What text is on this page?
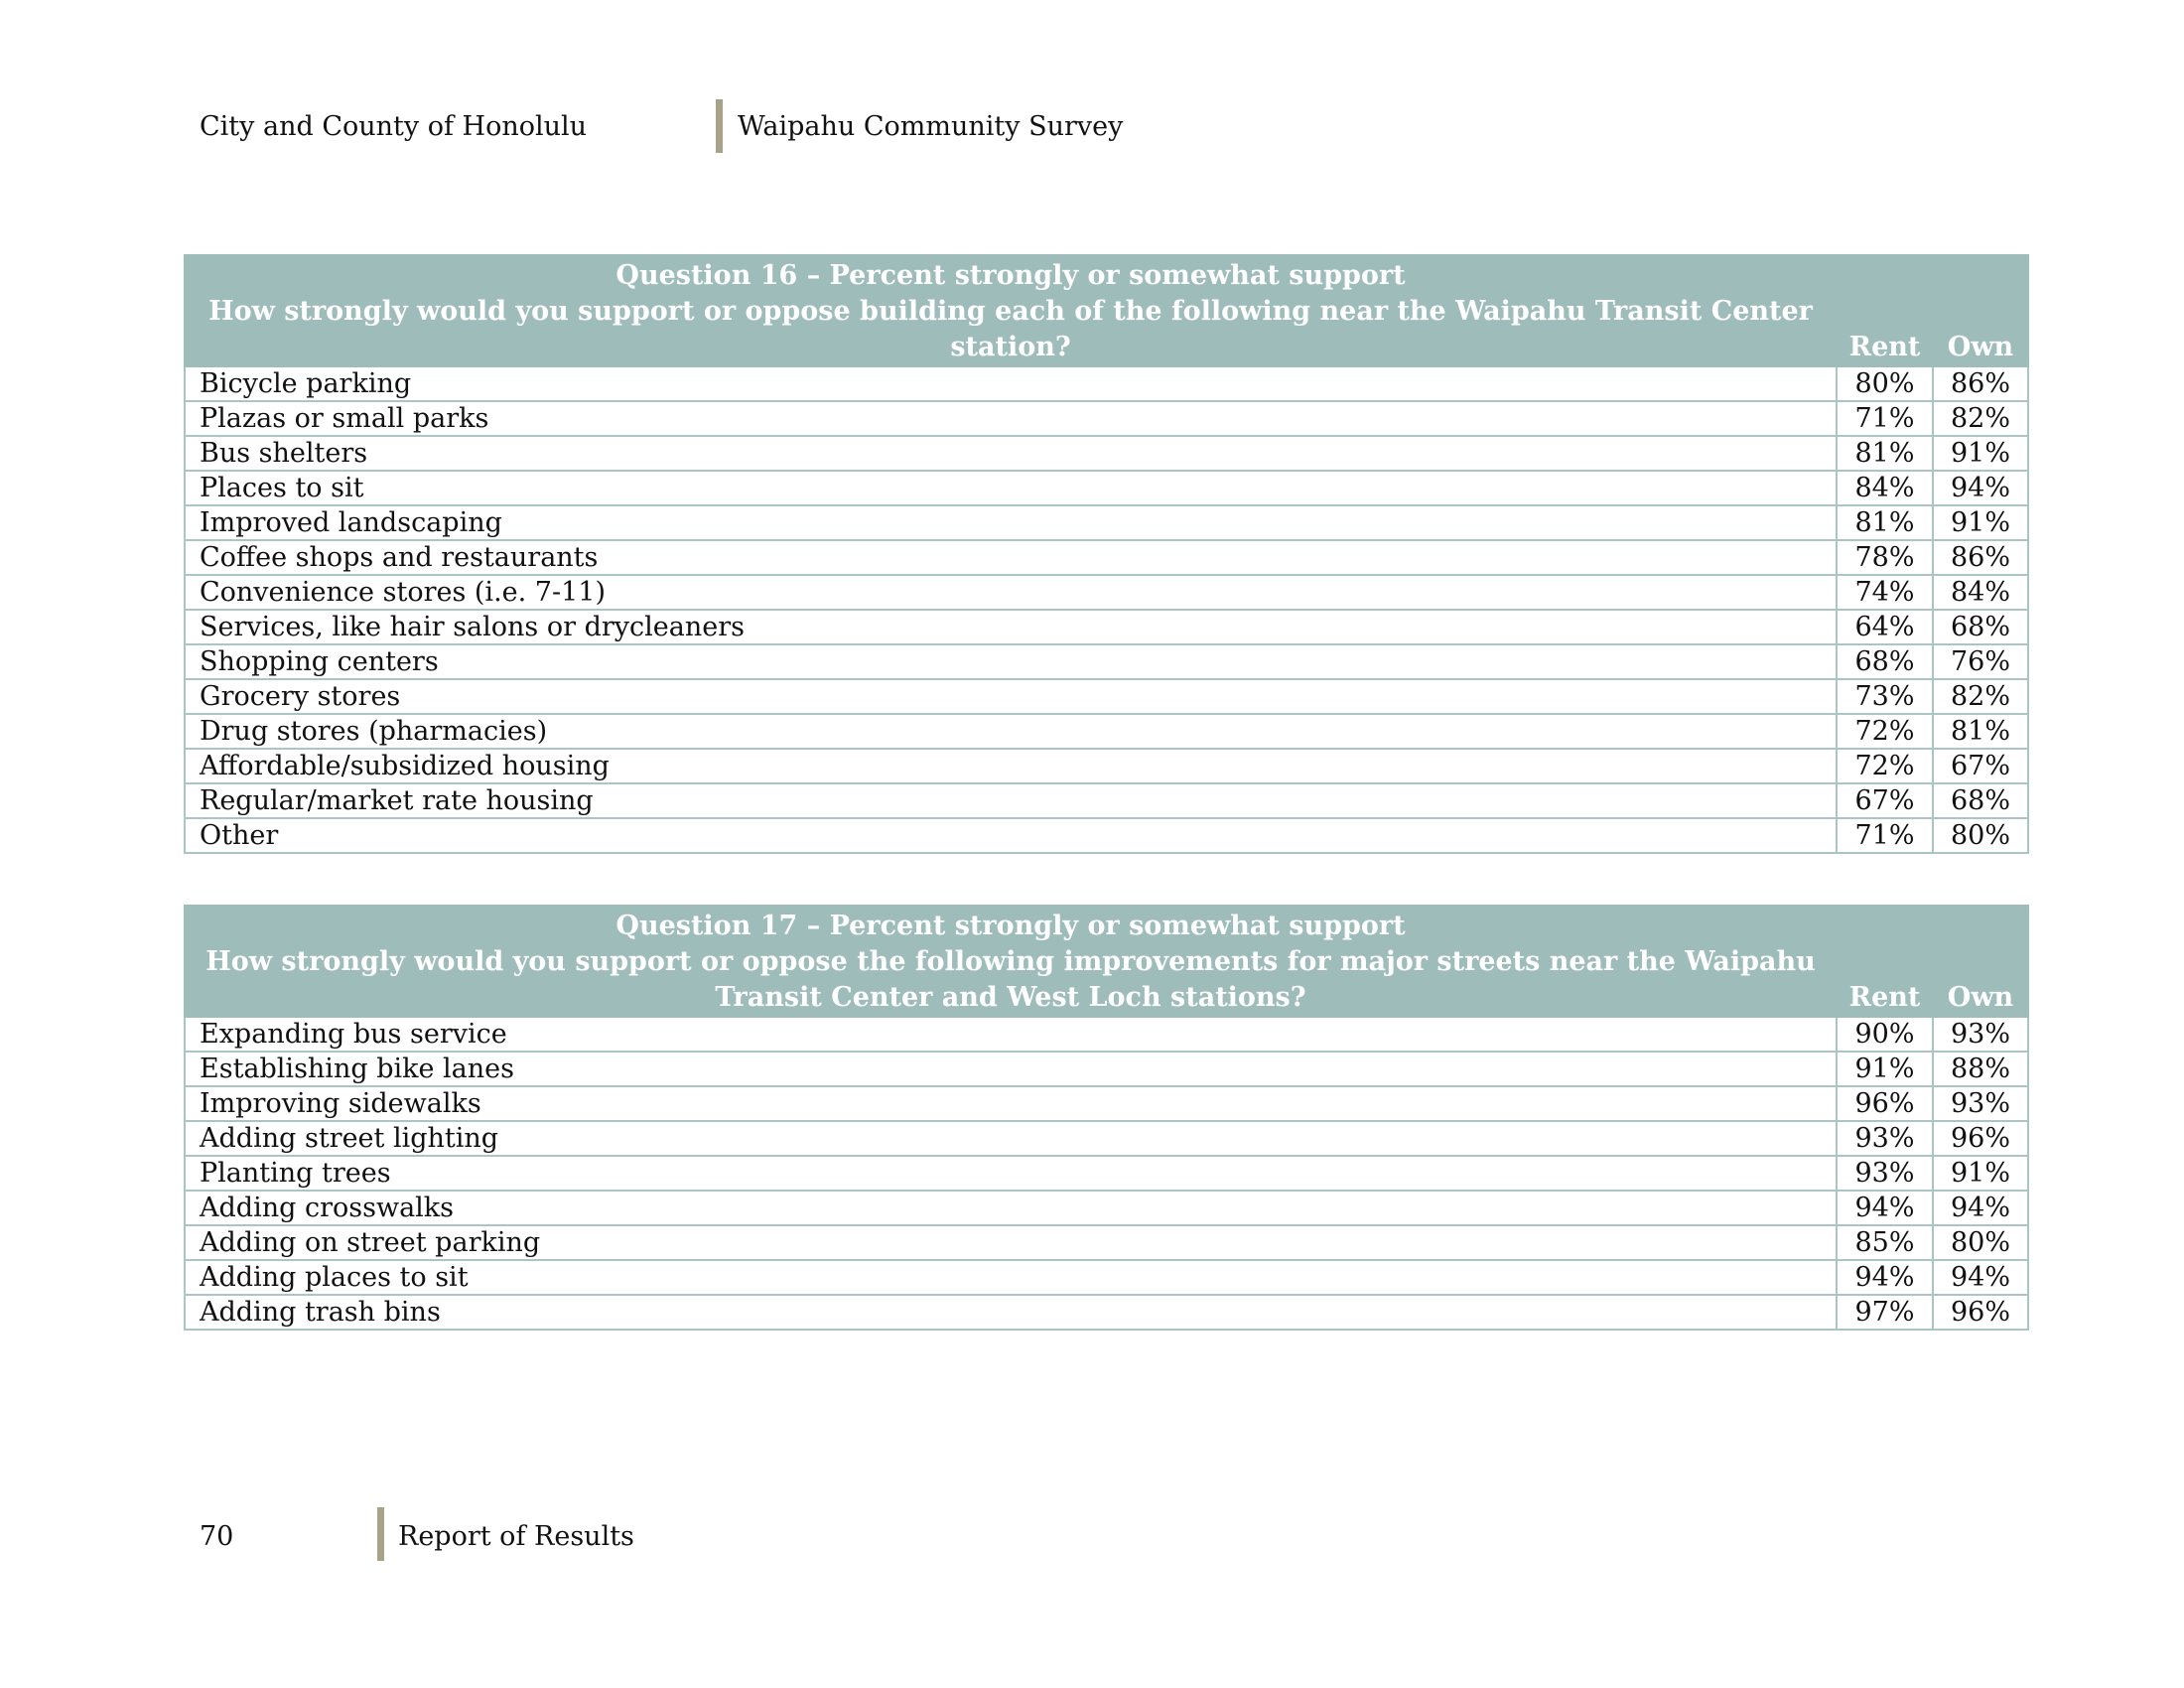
City and County of Honolulu	Waipahu Community Survey
Question 16 – Percent strongly or somewhat support
How strongly would you support or oppose building each of the following near the Waipahu Transit Center station?	Rent	Own
Bicycle parking	80%	86%
Plazas or small parks	71%	82%
Bus shelters	81%	91%
Places to sit	84%	94%
Improved landscaping	81%	91%
Coffee shops and restaurants	78%	86%
Convenience stores (i.e. 7-11)	74%	84%
Services, like hair salons or drycleaners	64%	68%
Shopping centers	68%	76%
Grocery stores	73%	82%
Drug stores (pharmacies)	72%	81%
Affordable/subsidized housing	72%	67%
Regular/market rate housing	67%	68%
Other	71%	80%
Question 17 – Percent strongly or somewhat support
How strongly would you support or oppose the following improvements for major streets near the Waipahu Transit Center and West Loch stations?	Rent	Own
Expanding bus service	90%	93%
Establishing bike lanes	91%	88%
Improving sidewalks	96%	93%
Adding street lighting	93%	96%
Planting trees	93%	91%
Adding crosswalks	94%	94%
Adding on street parking	85%	80%
Adding places to sit	94%	94%
Adding trash bins	97%	96%
70	Report of Results
